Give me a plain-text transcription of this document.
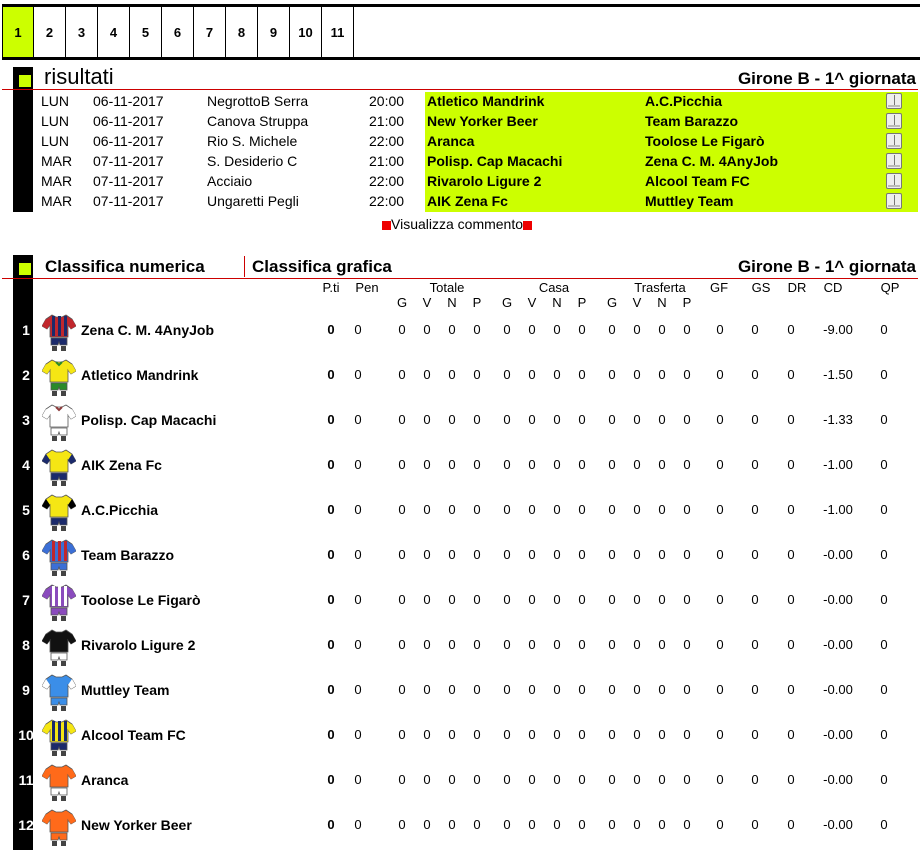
1	2	3	4	5	6	7	8	9	10	11
risultati	Girone B - 1^ giornata
LUN 06-11-2017	NegrottoB Serra	20:00 Atletico Mandrink	A.C.Picchia
LUN 06-11-2017	Canova Struppa	21:00 New Yorker Beer	Team Barazzo
LUN 06-11-2017	Rio S. Michele	22:00 Aranca	Toolose Le Figarò
MAR 07-11-2017	S. Desiderio C	21:00 Polisp. Cap Macachi	Zena C. M. 4AnyJob
MAR 07-11-2017	Acciaio	22:00 Rivarolo Ligure 2	Alcool Team FC
MAR 07-11-2017	Ungaretti Pegli	22:00 AIK Zena Fc	Muttley Team
Visualizza commento
Classifica numerica	Classifica grafica	Girone B - 1^ giornata
P.ti	Pen	Totale	Casa	Trasferta	GF	GS	DR	CD	QP
G	V	N	P	G	V	N	P	G	V	N	P
1	Zena C. M. 4AnyJob	0	0	0	0	0	0	0	0	0	0	0	0	0	0	0	0	0	-9.00	0
2	Atletico Mandrink	0	0	0	0	0	0	0	0	0	0	0	0	0	0	0	0	0	-1.50	0
3	Polisp. Cap Macachi	0	0	0	0	0	0	0	0	0	0	0	0	0	0	0	0	0	-1.33	0
4	AIK Zena Fc	0	0	0	0	0	0	0	0	0	0	0	0	0	0	0	0	0	-1.00	0
5	A.C.Picchia	0	0	0	0	0	0	0	0	0	0	0	0	0	0	0	0	0	-1.00	0
6	Team Barazzo	0	0	0	0	0	0	0	0	0	0	0	0	0	0	0	0	0	-0.00	0
7	Toolose Le Figarò	0	0	0	0	0	0	0	0	0	0	0	0	0	0	0	0	0	-0.00	0
8	Rivarolo Ligure 2	0	0	0	0	0	0	0	0	0	0	0	0	0	0	0	0	0	-0.00	0
9	Muttley Team	0	0	0	0	0	0	0	0	0	0	0	0	0	0	0	0	0	-0.00	0
10	Alcool Team FC	0	0	0	0	0	0	0	0	0	0	0	0	0	0	0	0	0	-0.00	0
11	Aranca	0	0	0	0	0	0	0	0	0	0	0	0	0	0	0	0	0	-0.00	0
12	New Yorker Beer	0	0	0	0	0	0	0	0	0	0	0	0	0	0	0	0	0	-0.00	0
